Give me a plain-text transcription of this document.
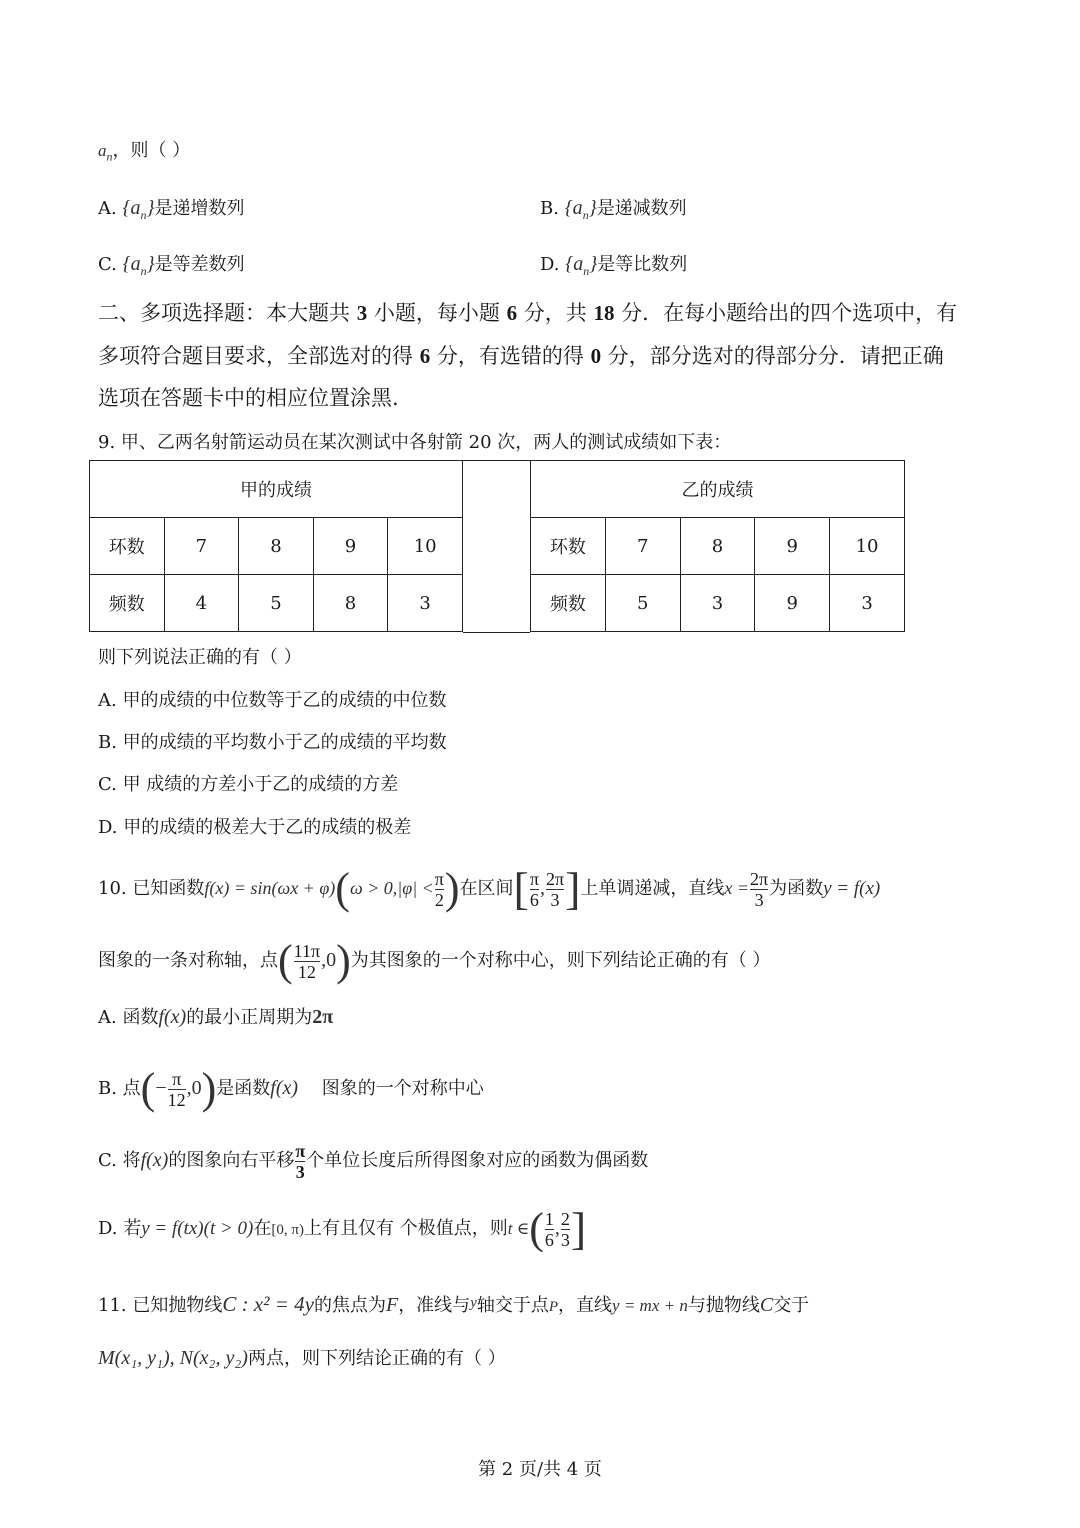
$a_n$，则（ ）
A. $\{a_n\}$是递增数列	B. $\{a_n\}$是递减数列
C. $\{a_n\}$是等差数列	D. $\{a_n\}$是等比数列
二、多项选择题：本大题共 3 小题，每小题 6 分，共 18 分．在每小题给出的四个选项中，有
多项符合题目要求，全部选对的得 6 分，有选错的得 0 分，部分选对的得部分分．请把正确
选项在答题卡中的相应位置涂黑.
9. 甲、乙两名射箭运动员在某次测试中各射箭 20 次，两人的测试成绩如下表：
甲的成绩				
环数	7	8	9	10
频数	4	5	8	3
乙的成绩				
环数	7	8	9	10
频数	5	3	9	3
则下列说法正确的有（ ）
A. 甲的成绩的中位数等于乙的成绩的中位数
B. 甲的成绩的平均数小于乙的成绩的平均数
C. 甲 成绩的方差小于乙的成绩的方差
D. 甲的成绩的极差大于乙的成绩的极差
10. 已知函数$f(x) = \sin(\omega x + \varphi)(\omega > 0,|\varphi| < \frac{\pi}{2}$ )在区间[ $\frac{\pi}{6}$ , $\frac{2\pi}{3}$ ]上单调递减，直线$x = \frac{2\pi}{3}$ 为函数y = f(x)
图象的一条对称轴，点( $\frac{11\pi}{12} ,0$)为其图象的一个对称中心，则下列结论正确的有（ ）
A. 函数f(x)的最小正周期为2π
B. 点(− $\frac{\pi}{12} ,0$)是函数f(x) 图象的一个对称中心
C. 将f(x)的图象向右平移 $\frac{\pi}{3}$ 个单位长度后所得图象对应的函数为偶函数
D. 若y = f(tx)(t > 0)在[0, π)上有且仅有 个极值点，则t ∈( $\frac{1}{6}$ , $\frac{2}{3}$ ]
11. 已知抛物线C : x² = 4y的焦点为F，准线与$^y$轴交于点P，直线y = mx + n与抛物线C交于
M(x₁, y₁), N(x₂, y₂)两点，则下列结论正确的有（ ）
第 2 页/共 4 页
